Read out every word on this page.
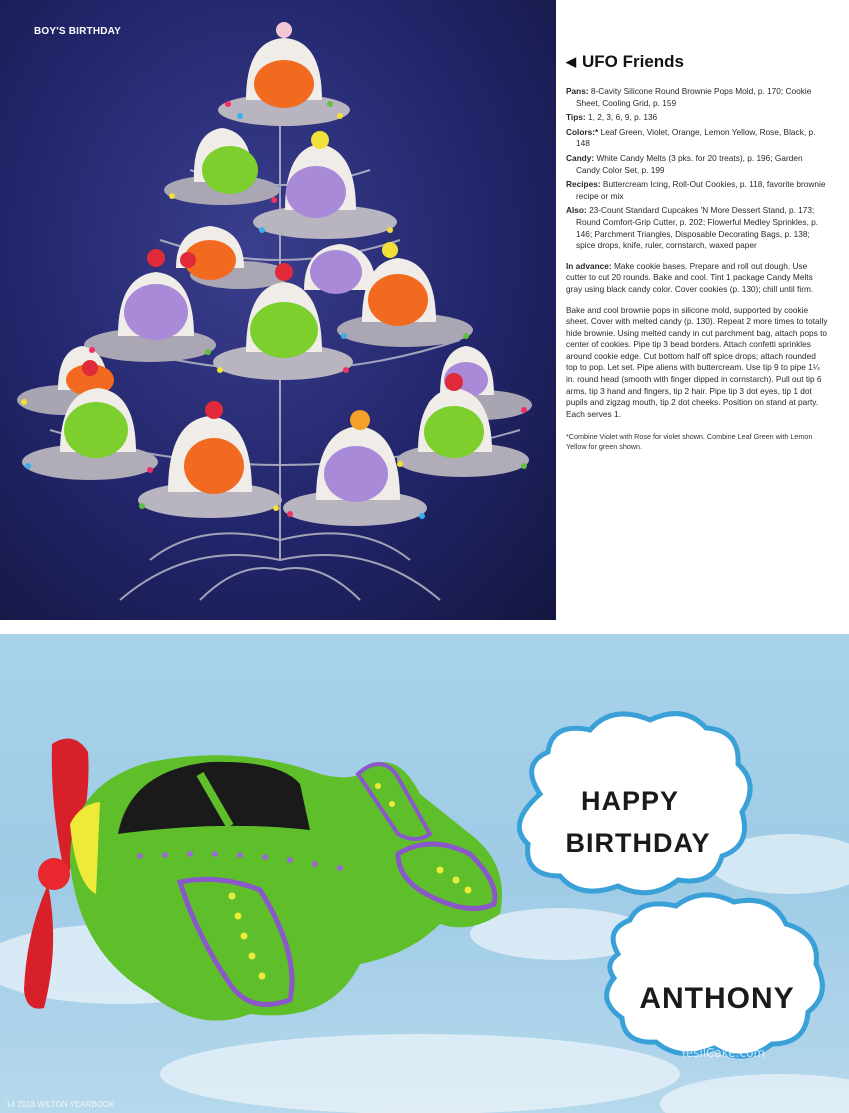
BOY'S BIRTHDAY
◀ UFO Friends
Pans: 8-Cavity Silicone Round Brownie Pops Mold, p. 170; Cookie Sheet, Cooling Grid, p. 159
Tips: 1, 2, 3, 6, 9, p. 136
Colors:* Leaf Green, Violet, Orange, Lemon Yellow, Rose, Black, p. 148
Candy: White Candy Melts (3 pks. for 20 treats), p. 196; Garden Candy Color Set, p. 199
Recipes: Buttercream Icing, Roll-Out Cookies, p. 118, favorite brownie recipe or mix
Also: 23-Count Standard Cupcakes 'N More Dessert Stand, p. 173; Round Comfort-Grip Cutter, p. 202; Flowerful Medley Sprinkles, p. 146; Parchment Triangles, Disposable Decorating Bags, p. 138; spice drops, knife, ruler, cornstarch, waxed paper
In advance: Make cookie bases. Prepare and roll out dough. Use cutter to cut 20 rounds. Bake and cool. Tint 1 package Candy Melts gray using black candy color. Cover cookies (p. 130); chill until firm.
Bake and cool brownie pops in silicone mold, supported by cookie sheet. Cover with melted candy (p. 130). Repeat 2 more times to totally hide brownie. Using melted candy in cut parchment bag, attach pops to center of cookies. Pipe tip 3 bead borders. Attach confetti sprinkles around cookie edge. Cut bottom half off spice drops; attach rounded top to pop. Let set. Pipe aliens with buttercream. Use tip 9 to pipe 1¼ in. round head (smooth with finger dipped in cornstarch). Pull out tip 6 arms, tip 3 hand and fingers, tip 2 hair. Pipe tip 3 dot eyes, tip 1 dot pupils and zigzag mouth, tip 2 dot cheeks. Position on stand at party. Each serves 1.
*Combine Violet with Rose for violet shown. Combine Leaf Green with Lemon Yellow for green shown.
HAPPY
BIRTHDAY
ANTHONY
伊莎利卡
YesilCake.com
14 2013 WILTON YEARBOOK
